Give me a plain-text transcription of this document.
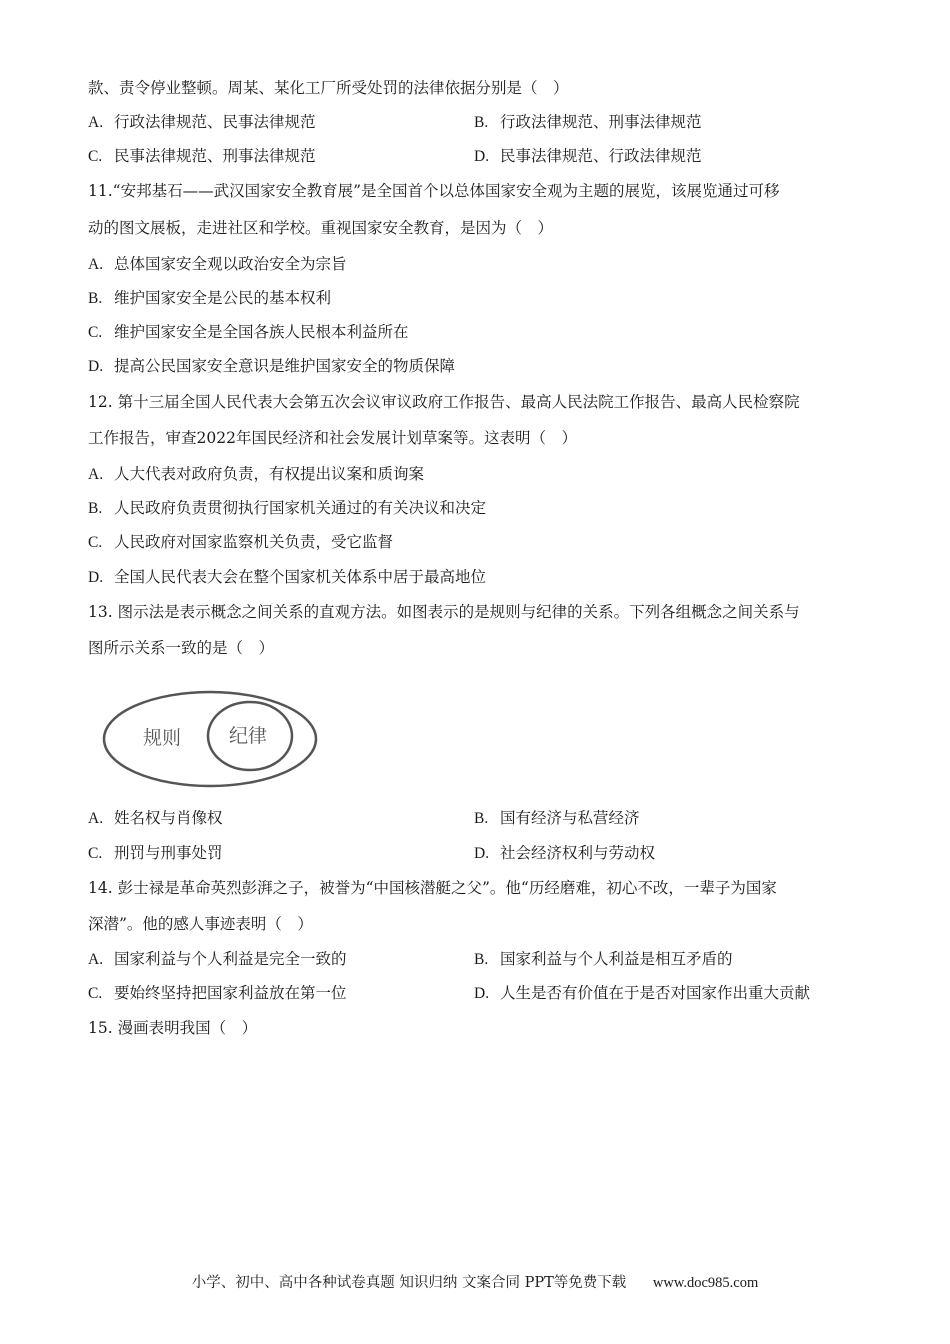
款、责令停业整顿。周某、某化工厂所受处罚的法律依据分别是（　）
A. 行政法律规范、民事法律规范	B. 行政法律规范、刑事法律规范
C. 民事法律规范、刑事法律规范	D. 民事法律规范、行政法律规范
11.“安邦基石——武汉国家安全教育展”是全国首个以总体国家安全观为主题的展览，该展览通过可移
动的图文展板，走进社区和学校。重视国家安全教育，是因为（　）
A. 总体国家安全观以政治安全为宗旨
B. 维护国家安全是公民的基本权利
C. 维护国家安全是全国各族人民根本利益所在
D. 提高公民国家安全意识是维护国家安全的物质保障
12. 第十三届全国人民代表大会第五次会议审议政府工作报告、最高人民法院工作报告、最高人民检察院
工作报告，审查2022年国民经济和社会发展计划草案等。这表明（　）
A. 人大代表对政府负责，有权提出议案和质询案
B. 人民政府负责贯彻执行国家机关通过的有关决议和决定
C. 人民政府对国家监察机关负责，受它监督
D. 全国人民代表大会在整个国家机关体系中居于最高地位
13. 图示法是表示概念之间关系的直观方法。如图表示的是规则与纪律的关系。下列各组概念之间关系与
图所示关系一致的是（　）
规则	纪律
A. 姓名权与肖像权	B. 国有经济与私营经济
C. 刑罚与刑事处罚	D. 社会经济权利与劳动权
14. 彭士禄是革命英烈彭湃之子，被誉为“中国核潜艇之父”。他“历经磨难，初心不改，一辈子为国家
深潜”。他的感人事迹表明（　）
A. 国家利益与个人利益是完全一致的	B. 国家利益与个人利益是相互矛盾的
C. 要始终坚持把国家利益放在第一位	D. 人生是否有价值在于是否对国家作出重大贡献
15. 漫画表明我国（　）
小学、初中、高中各种试卷真题 知识归纳 文案合同 PPT等免费下载 www.doc985.com
